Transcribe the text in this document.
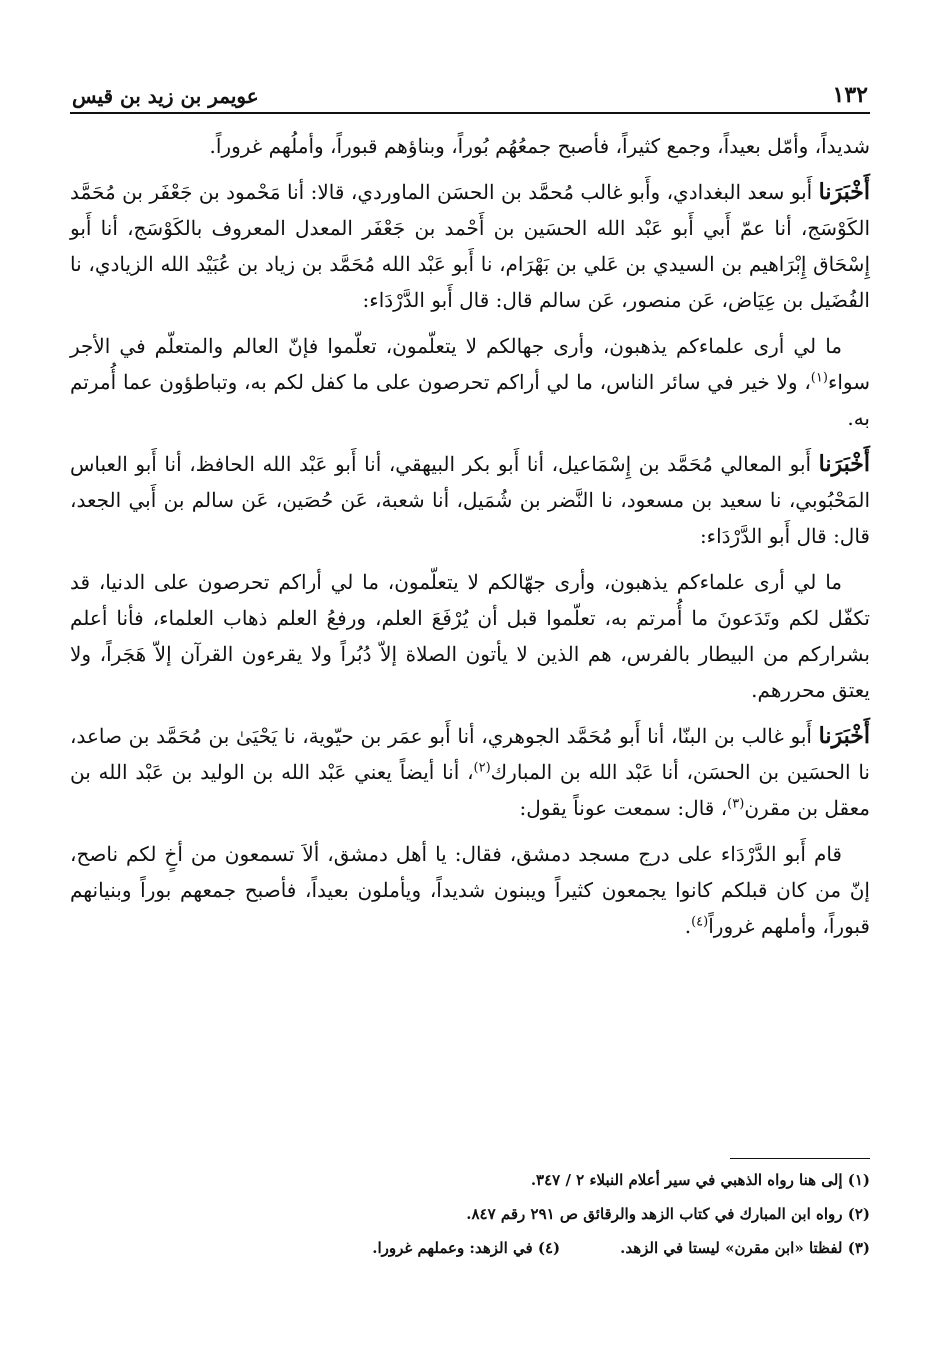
١٣٢
عويمر بن زيد بن قيس

شديداً، وأمّل بعيداً، وجمع كثيراً، فأصبح جمعُهُم بُوراً، وبناؤهم قبوراً، وأملُهم غروراً.

أَخْبَرَنا أَبو سعد البغدادي، وأَبو غالب مُحمَّد بن الحسَن الماوردي، قالا: أنا مَحْمود بن جَعْفَر بن مُحَمَّد الكَوْسَج، أنا عمّ أَبي أَبو عَبْد الله الحسَين بن أَحْمد بن جَعْفَر المعدل المعروف بالكَوْسَج، أنا أَبو إِسْحَاق إِبْرَاهيم بن السيدي بن عَلي بن بَهْرَام، نا أَبو عَبْد الله مُحَمَّد بن زياد بن عُبَيْد الله الزيادي، نا الفُضَيل بن عِيَاض، عَن منصور، عَن سالم قال: قال أَبو الدَّرْدَاء:

ما لي أرى علماءكم يذهبون، وأرى جهالكم لا يتعلّمون، تعلّموا فإنّ العالم والمتعلّم في الأجر سواء$^{(١)}$، ولا خير في سائر الناس، ما لي أراكم تحرصون على ما كفل لكم به، وتباطؤون عما أُمرتم به.

أَخْبَرَنا أَبو المعالي مُحَمَّد بن إِسْمَاعيل، أنا أَبو بكر البيهقي، أنا أَبو عَبْد الله الحافظ، أنا أَبو العباس المَحْبُوبي، نا سعيد بن مسعود، نا النَّضر بن شُمَيل، أنا شعبة، عَن حُصَين، عَن سالم بن أَبي الجعد، قال: قال أَبو الدَّرْدَاء:

ما لي أرى علماءكم يذهبون، وأرى جهّالكم لا يتعلّمون، ما لي أراكم تحرصون على الدنيا، قد تكفّل لكم وتَدَعونَ ما أُمرتم به، تعلّموا قبل أن يُرْفَعَ العلم، ورفعُ العلم ذهاب العلماء، فأنا أعلم بشراركم من البيطار بالفرس، هم الذين لا يأتون الصلاة إلاّ دُبُراً ولا يقرءون القرآن إلاّ هَجَراً، ولا يعتق محررهم.

أَخْبَرَنا أَبو غالب بن البنّا، أنا أَبو مُحَمَّد الجوهري، أنا أَبو عمَر بن حيّوية، نا يَحْيَىٰ بن مُحَمَّد بن صاعد، نا الحسَين بن الحسَن، أنا عَبْد الله بن المبارك$^{(٢)}$، أنا أيضاً يعني عَبْد الله بن الوليد بن عَبْد الله بن معقل بن مقرن$^{(٣)}$، قال: سمعت عوناً يقول:

قام أَبو الدَّرْدَاء على درج مسجد دمشق، فقال: يا أهل دمشق، ألاَ تسمعون من أخٍ لكم ناصح، إنّ من كان قبلكم كانوا يجمعون كثيراً ويبنون شديداً، ويأملون بعيداً، فأصبح جمعهم بوراً وبنيانهم قبوراً، وأملهم غروراً$^{(٤)}$.

(١) إلى هنا رواه الذهبي في سير أعلام النبلاء ٢ / ٣٤٧.
(٢) رواه ابن المبارك في كتاب الزهد والرقائق ص ٢٩١ رقم ٨٤٧.
(٣) لفظتا «ابن مقرن» ليستا في الزهد.(٤) في الزهد: وعملهم غرورا.
